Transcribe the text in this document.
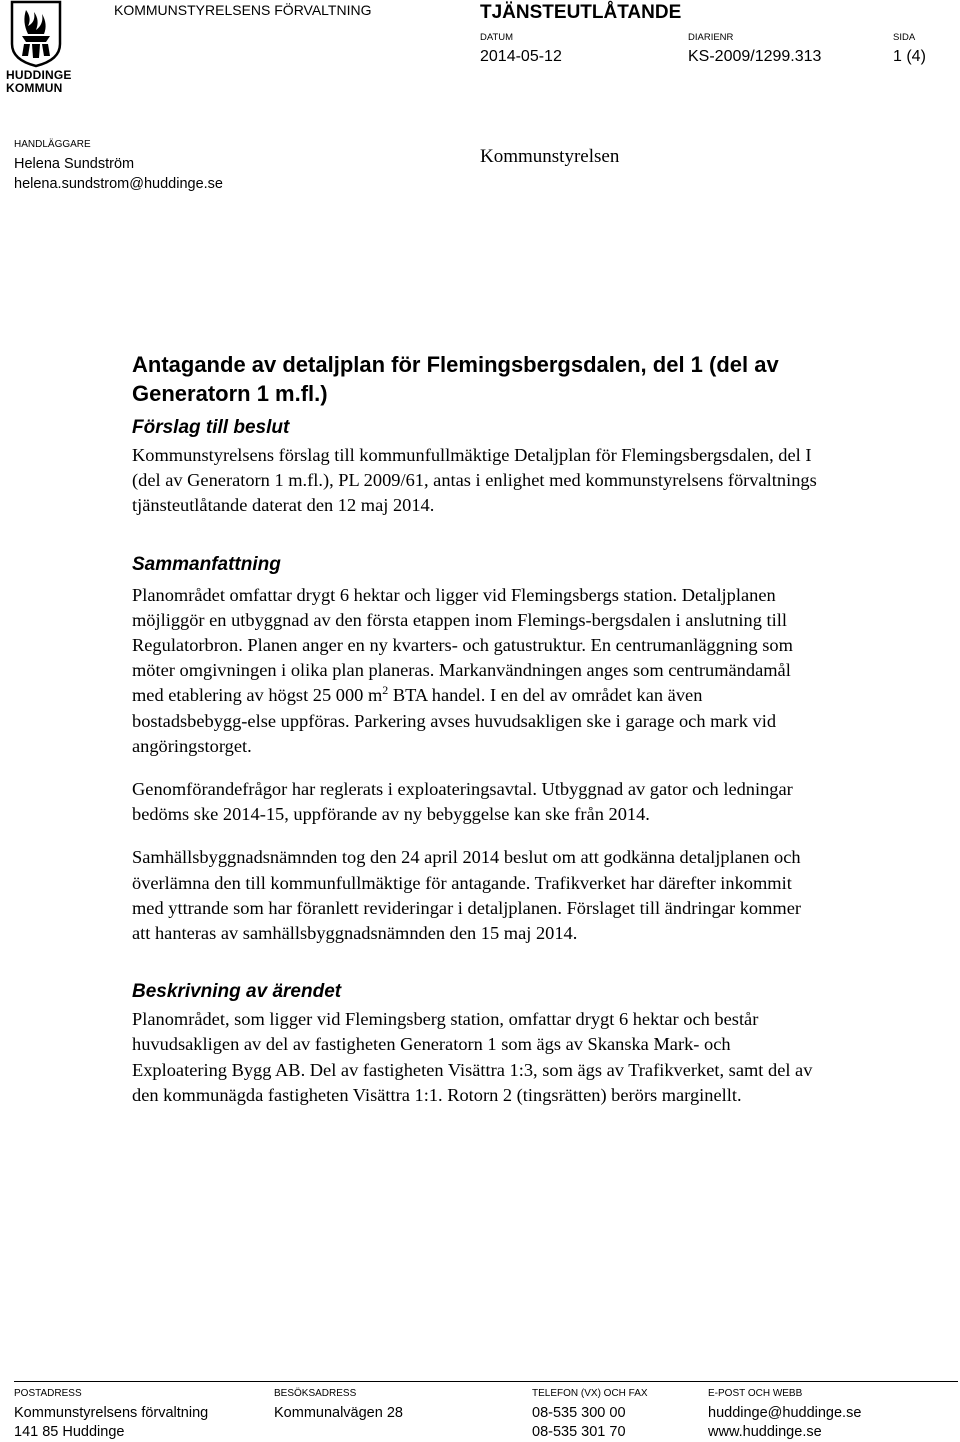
HUDDINGE
KOMMUN
KOMMUNSTYRELSENS FÖRVALTNING	TJÄNSTEUTLÅTANDE
DATUM
2014-05-12
DIARIENR
KS-2009/1299.313
SIDA
1 (4)
HANDLÄGGARE
Helena Sundström
helena.sundstrom@huddinge.se
Kommunstyrelsen
Antagande av detaljplan för Flemingsbergsdalen, del 1 (del av Generatorn 1 m.fl.)
Förslag till beslut

Kommunstyrelsens förslag till kommunfullmäktige Detaljplan för Flemingsbergsdalen, del I (del av Generatorn 1 m.fl.), PL 2009/61, antas i enlighet med kommunstyrelsens förvaltnings tjänsteutlåtande daterat den 12 maj 2014.

Sammanfattning

Planområdet omfattar drygt 6 hektar och ligger vid Flemingsbergs station. Detaljplanen möjliggör en utbyggnad av den första etappen inom Flemings-bergsdalen i anslutning till Regulatorbron. Planen anger en ny kvarters- och gatustruktur. En centrumanläggning som möter omgivningen i olika plan planeras. Markanvändningen anges som centrumändamål med etablering av högst 25 000 $m^2$ BTA handel. I en del av området kan även bostadsbebygg-else uppföras. Parkering avses huvudsakligen ske i garage och mark vid angöringstorget.

Genomförandefrågor har reglerats i exploateringsavtal. Utbyggnad av gator och ledningar bedöms ske 2014-15, uppförande av ny bebyggelse kan ske från 2014.

Samhällsbyggnadsnämnden tog den 24 april 2014 beslut om att godkänna detaljplanen och överlämna den till kommunfullmäktige för antagande. Trafikverket har därefter inkommit med yttrande som har föranlett revideringar i detaljplanen. Förslaget till ändringar kommer att hanteras av samhällsbyggnadsnämnden den 15 maj 2014.

Beskrivning av ärendet

Planområdet, som ligger vid Flemingsberg station, omfattar drygt 6 hektar och består huvudsakligen av del av fastigheten Generatorn 1 som ägs av Skanska Mark- och Exploatering Bygg AB. Del av fastigheten Visättra 1:3, som ägs av Trafikverket, samt del av den kommunägda fastigheten Visättra 1:1. Rotorn 2 (tingsrätten) berörs marginellt.

POSTADRESS
Kommunstyrelsens förvaltning
141 85 Huddinge
BESÖKSADRESS
Kommunalvägen 28
TELEFON (VX) OCH FAX
08-535 300 00
08-535 301 70
E-POST OCH WEBB
huddinge@huddinge.se
www.huddinge.se
